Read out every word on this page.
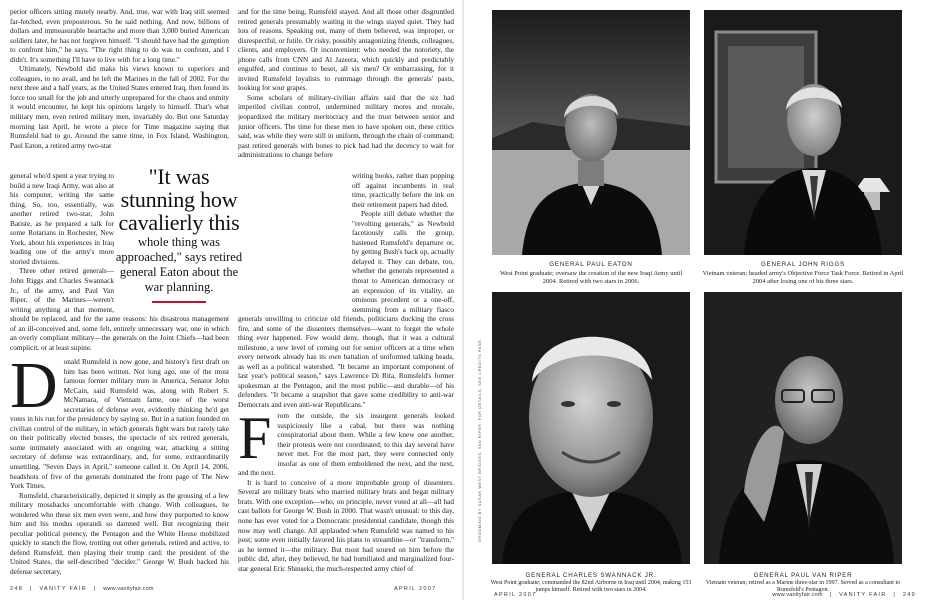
perior officers sitting mutely nearby. And, true, war with Iraq still seemed far-fetched, even preposterous. So he said nothing. And now, billions of dollars and immeasurable heartache and more than 3,000 buried American soldiers later, he has not forgiven himself. "I should have had the gumption to confront him," he says. "The right thing to do was to confront, and I didn't. It's something I'll have to live with for a long time."

Ultimately, Newbold did make his views known to superiors and colleagues, to no avail, and he left the Marines in the fall of 2002. For the next three and a half years, as the United States entered Iraq, then found its force too small for the job and utterly unprepared for the chaos and enmity it would encounter, he kept his opinions largely to himself. That's what military men, even retired military men, invariably do. But one Saturday morning last April, he wrote a piece for Time magazine saying that Rumsfeld had to go. Around the same time, in Fox Island, Washington, Paul Eaton, a retired army two-star

general who'd spent a year trying to build a new Iraqi Army, was also at his computer, writing the same thing. So, too, essentially, was another retired two-star, John Batiste, as he prepared a talk for some Rotarians in Rochester, New York, about his experiences in Iraq leading one of the army's more storied divisions.

Three other retired generals—John Riggs and Charles Swannack Jr., of the army, and Paul Van Riper, of the Marines—weren't writing anything at that moment,

"It was stunning how cavalierly this
whole thing was approached," says retired general Eaton about the war planning.

should be replaced, and for the same reasons: his disastrous management of an ill-conceived and, some felt, entirely unnecessary war, one in which an overly compliant military—the generals on the Joint Chiefs—had been complicit, or at least supine.

D onald Rumsfeld is now gone, and history's first draft on him has been written. Not long ago, one of the most famous former military men in America, Senator John McCain, said Rumsfeld was, along with Robert S. McNamara, of Vietnam fame, one of the worst secretaries of defense ever, evidently thinking he'd get votes in his run for the presidency by saying so. But in a nation founded on civilian control of the military, in which generals fight wars but rarely take on their politically elected bosses, the spectacle of six retired generals, some intimately associated with an ongoing war, attacking a sitting secretary of defense was extraordinary, and, for some, extraordinarily unsettling. "Seven Days in April," someone called it. On April 14, 2006, headshots of five of the generals dominated the front page of The New York Times.

Rumsfeld, characteristically, depicted it simply as the grousing of a few military mossbacks uncomfortable with change. With colleagues, he wondered who these six men even were, and how they purported to know him and his modus operandi so damned well. But recognizing their peculiar political potency, the Pentagon and the White House mobilized quickly to stanch the flow, trotting out other generals, retired and active, to defend Rumsfeld, then playing their trump card: the president of the United States, the self-described "decider." George W. Bush backed his defense secretary,

and for the time being, Rumsfeld stayed. And all those other disgruntled retired generals presumably waiting in the wings stayed quiet. They had lots of reasons. Speaking out, many of them believed, was improper, or disrespectful, or futile. Or risky, possibly antagonizing friends, colleagues, clients, and employers. Or inconvenient: who needed the notoriety, the phone calls from CNN and Al Jazeera, which quickly and predictably engulfed, and continue to beset, all six men? Or embarrassing, for it invited Rumsfeld loyalists to rummage through the generals' pasts, looking for sour grapes.

Some scholars of military-civilian affairs said that the six had imperiled civilian control, undermined military mores and morale, jeopardized the military meritocracy and the trust between senior and junior officers. The time for these men to have spoken out, these critics said, was while they were still in uniform, through the chain of command; past retired generals with bones to pick had had the decency to wait for administrations to change before

writing books, rather than popping off against incumbents in real time, practically before the ink on their retirement papers had dried.

People still debate whether the "revolting generals," as Newbold facetiously calls the group, hastened Rumsfeld's departure or, by getting Bush's back up, actually delayed it. They can debate, too, whether the generals represented a threat to American democracy or an expression of its vitality, an ominous precedent or a one-off, stemming from a military fiasco

generals unwilling to criticize old friends, politicians ducking the cross fire, and some of the dissenters themselves—want to forget the whole thing ever happened. Few would deny, though, that it was a cultural milestone, a new level of coming out for senior officers at a time when every network already has its own battalion of uniformed talking heads, as well as a political watershed. "It became an important component of last year's political season," says Lawrence Di Rita, Rumsfeld's former spokesman at the Pentagon, and the most public—and durable—of his defenders. "It became a snapshot that gave some credibility to anti-war Democrats and even anti-war Republicans."

F rom the outside, the six insurgent generals looked suspiciously like a cabal, but there was nothing conspiratorial about them. While a few knew one another, their protests were not coordinated; to this day several have never met. For the most part, they were connected only insofar as one of them emboldened the next, and the next, and the next.

It is hard to conceive of a more improbable group of dissenters. Several are military brats who married military brats and begat military brats. With one exception—who, on principle, never voted at all—all had cast ballots for George W. Bush in 2000. That wasn't unusual: to this day, none has ever voted for a Democratic presidential candidate, though this now may well change. All applauded when Rumsfeld was named to his post; some even initially favored his plans to streamline—or "transform," as he termed it—the military. But most had soured on him before the public did, after, they believed, he had humiliated and marginalized four-star general Eric Shinseki, the much-respected army chief of

248 | VANITY FAIR | www.vanityfair.com	APRIL 2007
GENERAL PAUL EATON
West Point graduate; oversaw the creation of the new Iraqi Army until 2004. Retired with two stars in 2006.
GENERAL JOHN RIGGS
Vietnam veteran; headed army's Objective Force Task Force. Retired in April 2004 after losing one of his three stars.
GENERAL CHARLES SWANNACK JR.	GENERAL PAUL VAN RIPER
West Point graduate; commanded the 82nd Airborne in Iraq until 2004, making 153 jumps himself. Retired with two stars in 2004.
Vietnam veteran; retired as a Marine three-star in 1997. Served as a consultant to Rumsfeld's Pentagon.
GROOMING BY SUSAN WEST BRIDGES, VAN RIPER; FOR DETAILS, SEE CREDITS PAGE.
APRIL 2007	www.vanityfair.com | VANITY FAIR | 249
